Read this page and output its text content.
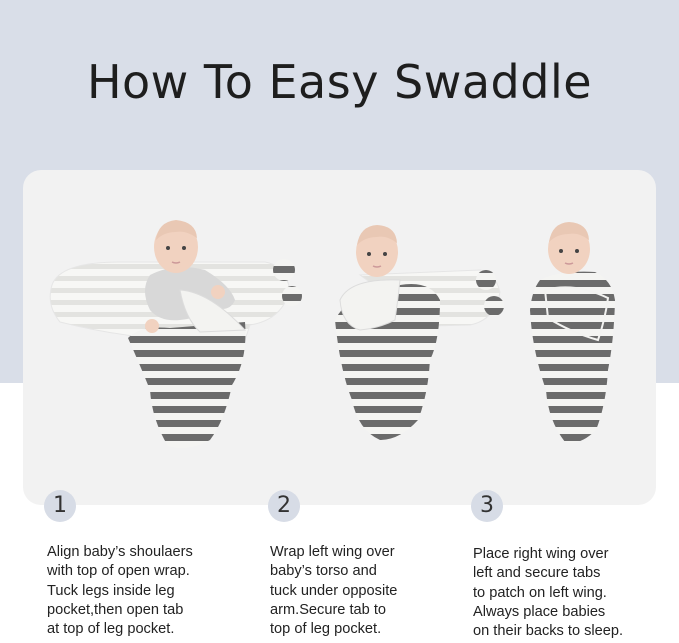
How To Easy Swaddle
1
Align baby’s shoulaers
with top of open wrap.
Tuck legs inside leg
pocket,then open tab
at top of leg pocket.
2
Wrap left wing over
baby’s torso and
tuck under opposite
arm.Secure tab to
top of leg pocket.
3
Place right wing over
left and secure tabs
to patch on left wing.
Always place babies
on their backs to sleep.
